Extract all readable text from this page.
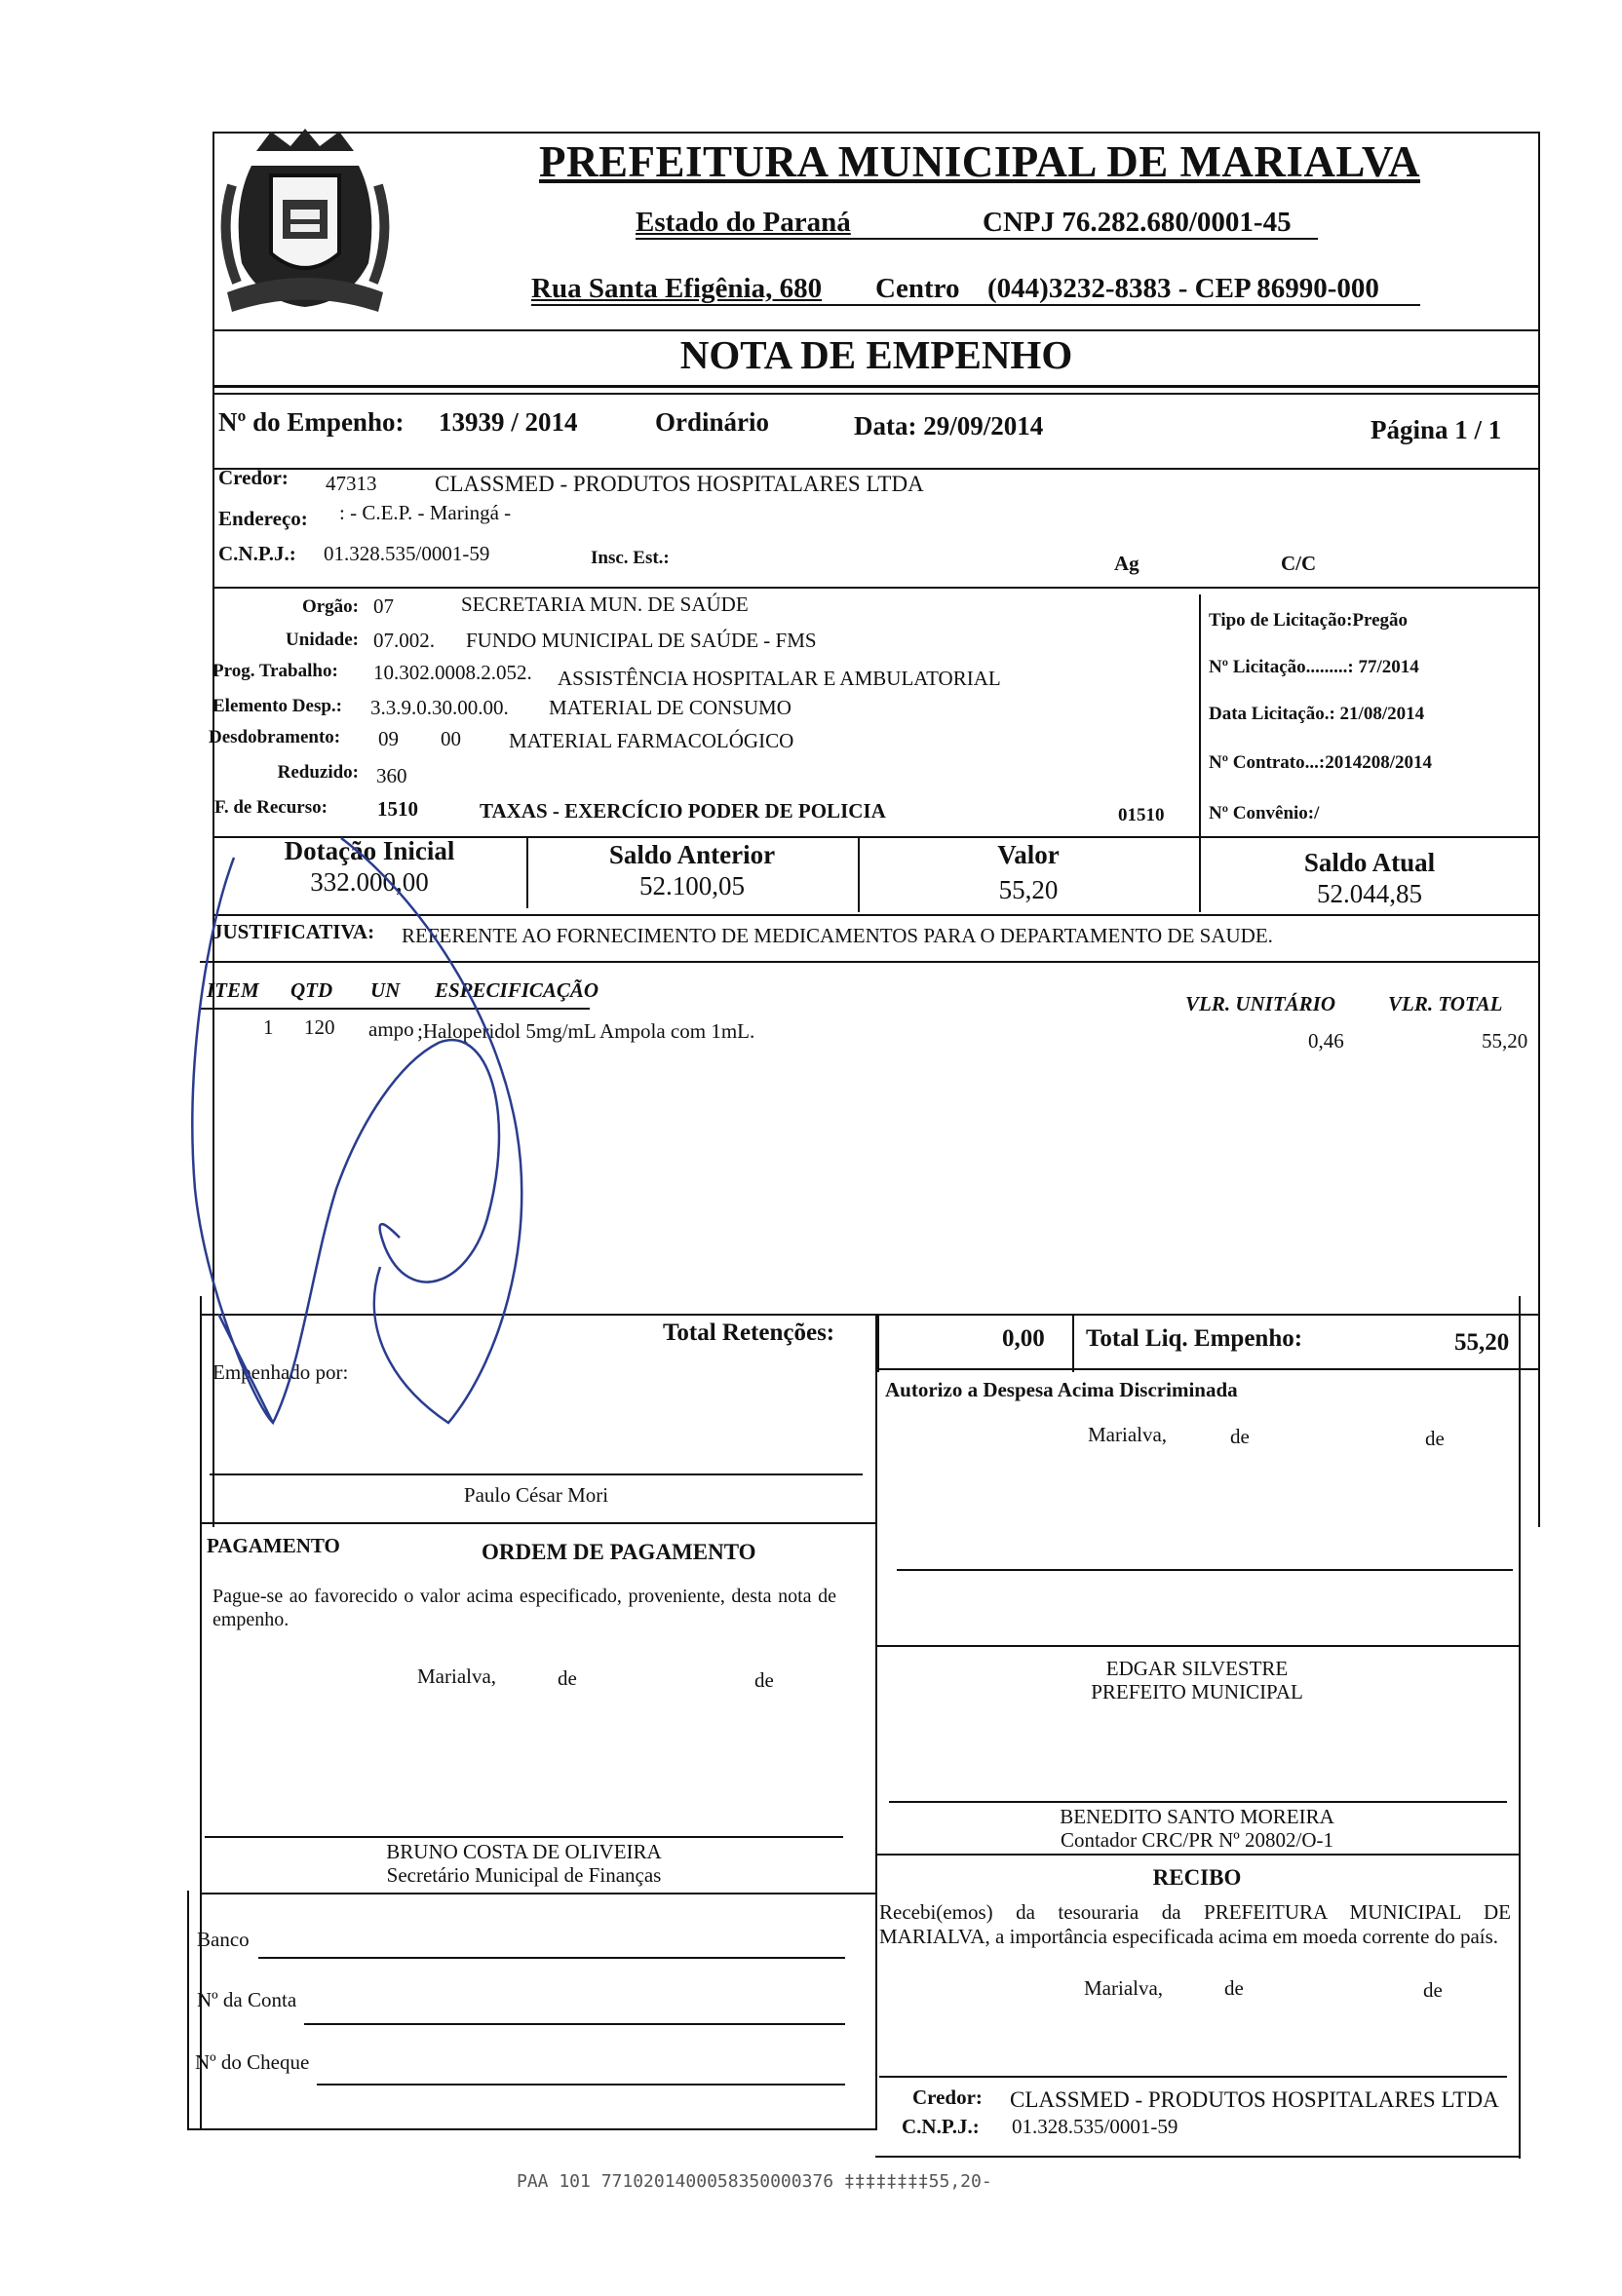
PREFEITURA MUNICIPAL DE MARIALVA
Estado do Paraná	CNPJ 76.282.680/0001-45
Rua Santa Efigênia, 680 Centro (044)3232-8383 - CEP 86990-000
NOTA DE EMPENHO
Nº do Empenho: 13939 / 2014	Ordinário	Data: 29/09/2014	Página 1 / 1
Credor: 47313	CLASSMED - PRODUTOS HOSPITALARES LTDA
Endereço: : - C.E.P. - Maringá -
C.N.P.J.: 01.328.535/0001-59	Insc. Est.:	Ag	C/C
Orgão: 07	SECRETARIA MUN. DE SAÚDE
Unidade: 07.002. FUNDO MUNICIPAL DE SAÚDE - FMS
Prog. Trabalho: 10.302.0008.2.052. ASSISTÊNCIA HOSPITALAR E AMBULATORIAL
Elemento Desp.: 3.3.9.0.30.00.00. MATERIAL DE CONSUMO
Desdobramento: 09 00 MATERIAL FARMACOLÓGICO
Reduzido: 360
F. de Recurso: 1510	TAXAS - EXERCÍCIO PODER DE POLICIA	01510
Tipo de Licitação:Pregão
Nº Licitação.........: 77/2014
Data Licitação.: 21/08/2014
Nº Contrato...:2014208/2014
Nº Convênio:/
Dotação Inicial
332.000,00
Saldo Anterior
52.100,05
Valor
55,20
Saldo Atual
52.044,85
JUSTIFICATIVA: REFERENTE AO FORNECIMENTO DE MEDICAMENTOS PARA O DEPARTAMENTO DE SAUDE.
ITEM QTD UN ESPECIFICAÇÃO
VLR. UNITÁRIO	VLR. TOTAL
1 120 ampo ;Haloperidol 5mg/mL Ampola com 1mL.	0,46	55,20
Total Retenções:	0,00 Total Liq. Empenho:	55,20
Empenhado por:
Paulo César Mori
Autorizo a Despesa Acima Discriminada
Marialva,	de	de
EDGAR SILVESTRE
PREFEITO MUNICIPAL
BENEDITO SANTO MOREIRA
Contador CRC/PR Nº 20802/O-1
PAGAMENTO	ORDEM DE PAGAMENTO
Pague-se ao favorecido o valor acima especificado, proveniente, desta nota de empenho.
Marialva,	de	de
BRUNO COSTA DE OLIVEIRA
Secretário Municipal de Finanças
Banco
Nº da Conta
Nº do Cheque
RECIBO
Recebi(emos) da tesouraria da PREFEITURA MUNICIPAL DE MARIALVA, a importância especificada acima em moeda corrente do país.
Marialva,	de	de
Credor: CLASSMED - PRODUTOS HOSPITALARES LTDA
C.N.P.J.: 01.328.535/0001-59
PAA 101 7710201400058350000376 ‡‡‡‡‡‡‡‡55,20-
